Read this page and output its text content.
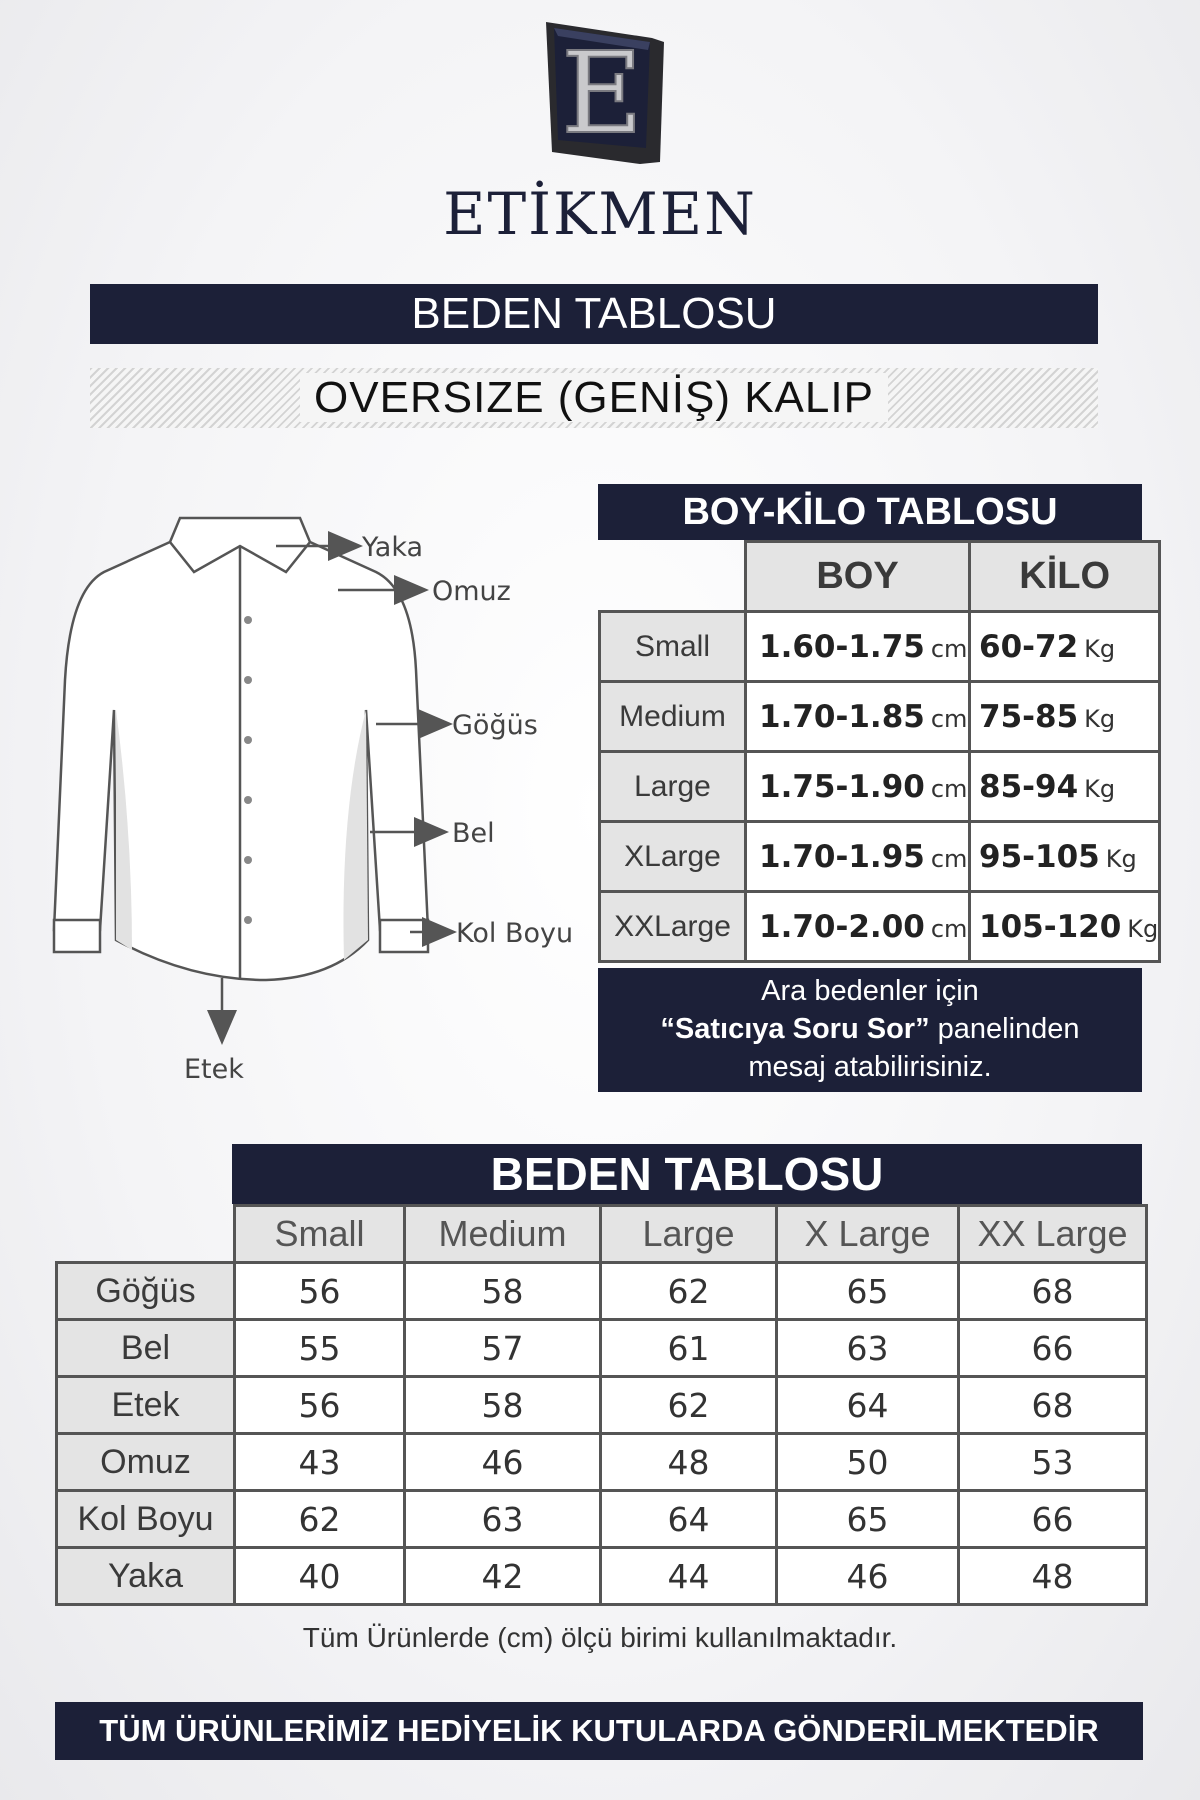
E
ETİKMEN
BEDEN TABLOSU
OVERSIZE (GENİŞ) KALIP
Yaka
Omuz
Göğüs
Bel
Kol Boyu
Etek
BOY-KİLO TABLOSU
	BOY	KİLO
Small	1.60-1.75 cm	60-72 Kg
Medium	1.70-1.85 cm	75-85 Kg
Large	1.75-1.90 cm	85-94 Kg
XLarge	1.70-1.95 cm	95-105 Kg
XXLarge	1.70-2.00 cm	105-120 Kg
Ara bedenler için
“Satıcıya Soru Sor” panelinden
mesaj atabilirisiniz.
BEDEN TABLOSU
	Small	Medium	Large	X Large	XX Large
Göğüs	56	58	62	65	68
Bel	55	57	61	63	66
Etek	56	58	62	64	68
Omuz	43	46	48	50	53
Kol Boyu	62	63	64	65	66
Yaka	40	42	44	46	48
Tüm Ürünlerde (cm) ölçü birimi kullanılmaktadır.
TÜM ÜRÜNLERİMİZ HEDİYELİK KUTULARDA GÖNDERİLMEKTEDİR
